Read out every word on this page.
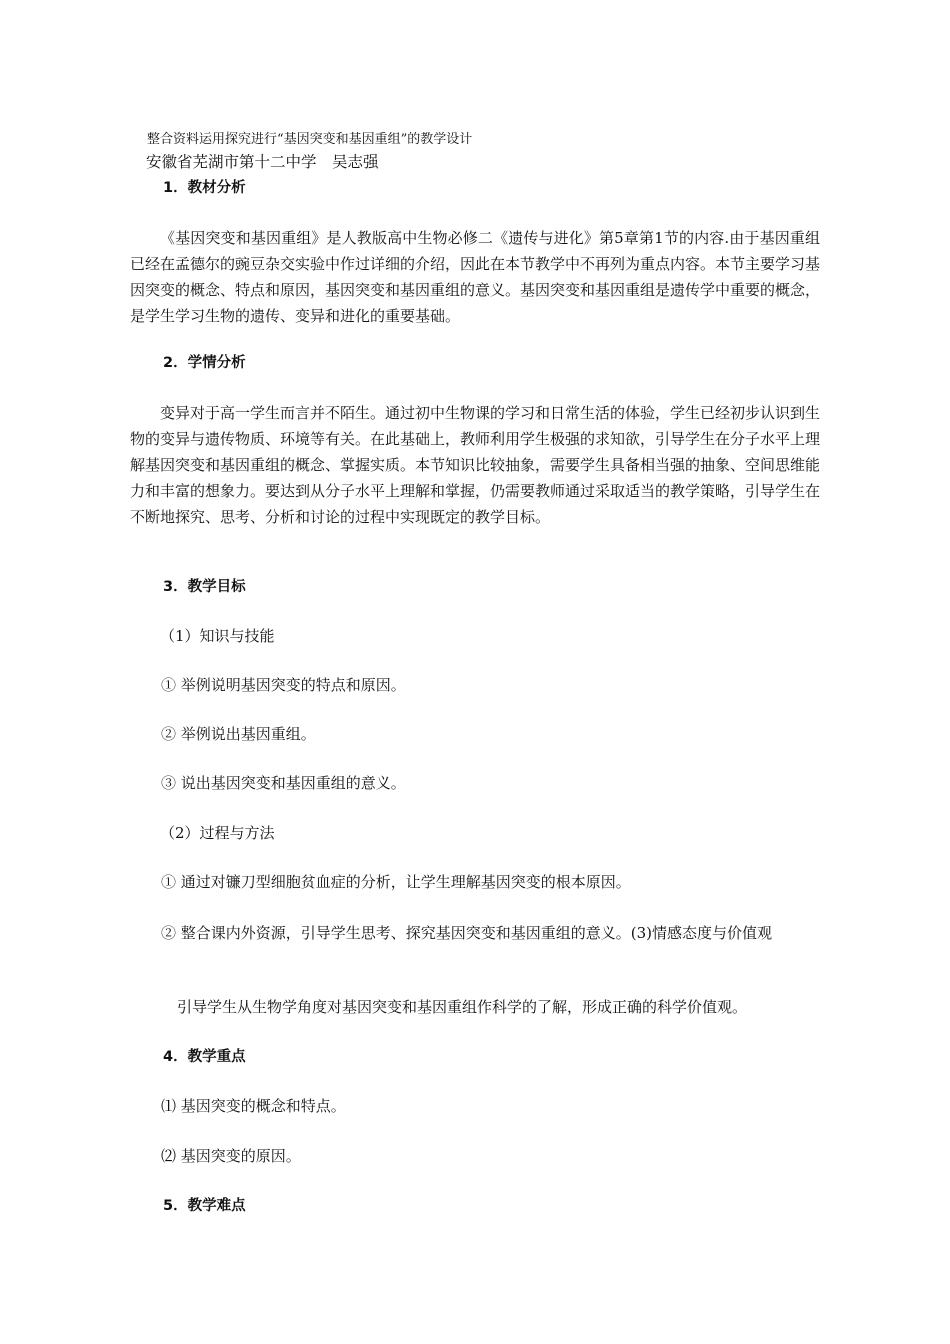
整合资料运用探究进行“基因突变和基因重组”的教学设计
安徽省芜湖市第十二中学　吴志强
1．教材分析
《基因突变和基因重组》是人教版高中生物必修二《遗传与进化》第5章第1节的内容.由于基因重组已经在孟德尔的豌豆杂交实验中作过详细的介绍，因此在本节教学中不再列为重点内容。本节主要学习基因突变的概念、特点和原因，基因突变和基因重组的意义。基因突变和基因重组是遗传学中重要的概念，是学生学习生物的遗传、变异和进化的重要基础。
2．学情分析
变异对于高一学生而言并不陌生。通过初中生物课的学习和日常生活的体验，学生已经初步认识到生物的变异与遗传物质、环境等有关。在此基础上，教师利用学生极强的求知欲，引导学生在分子水平上理解基因突变和基因重组的概念、掌握实质。本节知识比较抽象，需要学生具备相当强的抽象、空间思维能力和丰富的想象力。要达到从分子水平上理解和掌握，仍需要教师通过采取适当的教学策略，引导学生在不断地探究、思考、分析和讨论的过程中实现既定的教学目标。
3．教学目标
（1）知识与技能
① 举例说明基因突变的特点和原因。
② 举例说出基因重组。
③ 说出基因突变和基因重组的意义。
（2）过程与方法
① 通过对镰刀型细胞贫血症的分析，让学生理解基因突变的根本原因。
② 整合课内外资源，引导学生思考、探究基因突变和基因重组的意义。(3)情感态度与价值观
引导学生从生物学角度对基因突变和基因重组作科学的了解，形成正确的科学价值观。
4．教学重点
⑴ 基因突变的概念和特点。
⑵ 基因突变的原因。
5．教学难点
